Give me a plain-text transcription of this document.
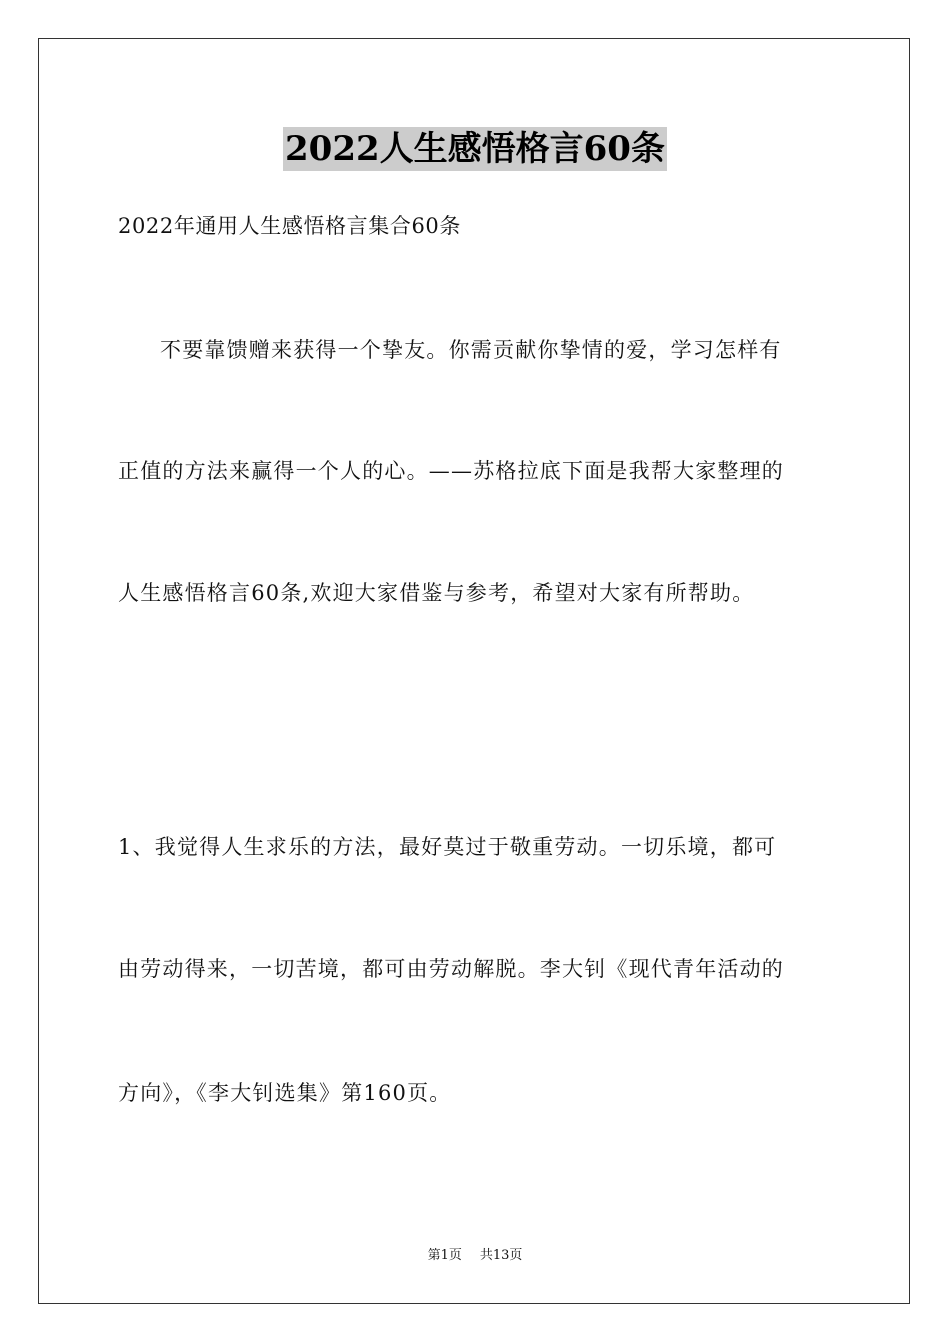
2022人生感悟格言60条
2022年通用人生感悟格言集合60条
不要靠馈赠来获得一个挚友。你需贡献你挚情的爱，学习怎样有
正值的方法来赢得一个人的心。——苏格拉底下面是我帮大家整理的
人生感悟格言60条,欢迎大家借鉴与参考，希望对大家有所帮助。
1、我觉得人生求乐的方法，最好莫过于敬重劳动。一切乐境，都可
由劳动得来，一切苦境，都可由劳动解脱。李大钊《现代青年活动的
方向》，《李大钊选集》第160页。
第1页 共13页
